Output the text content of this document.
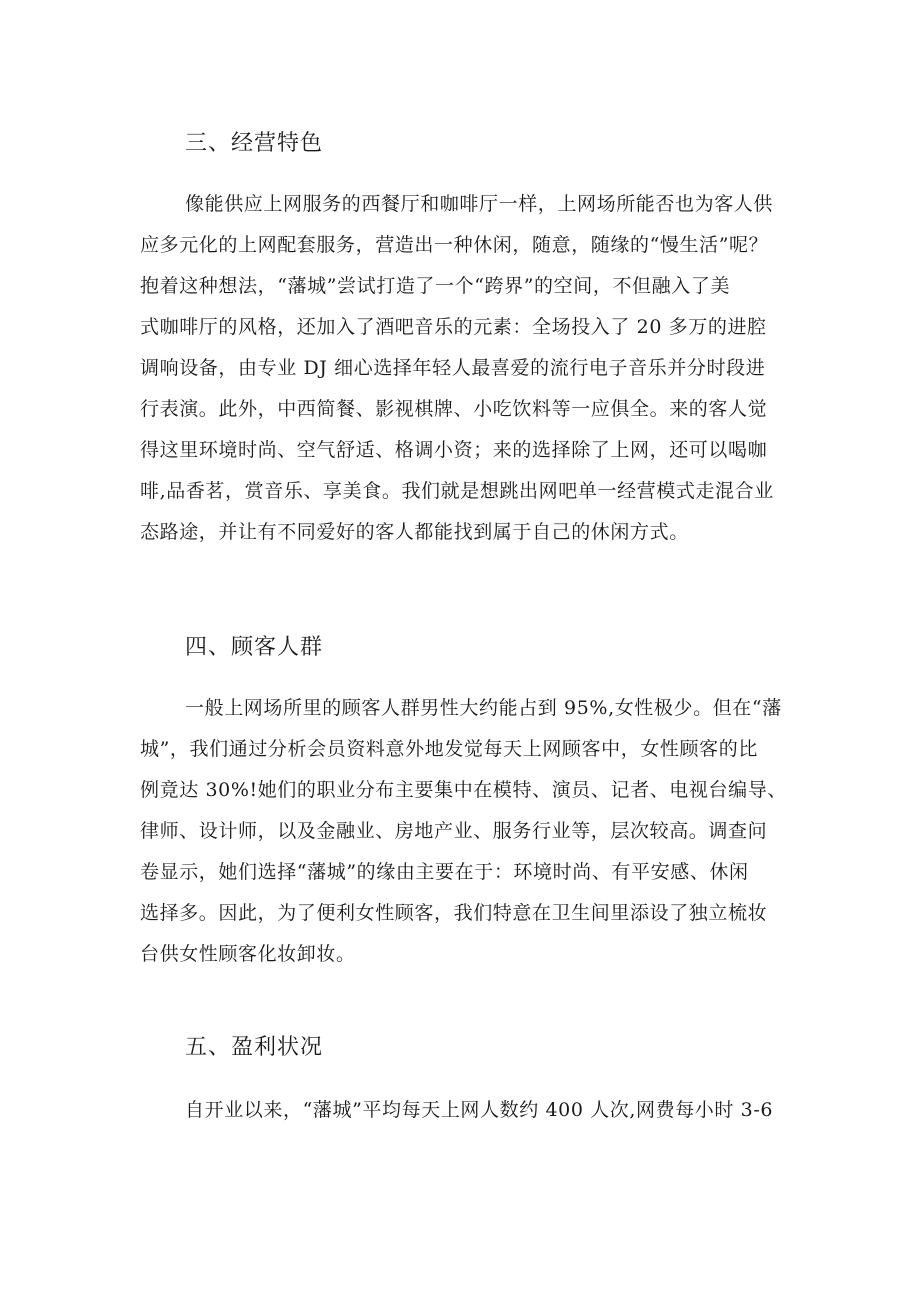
三、经营特色

像能供应上网服务的西餐厅和咖啡厅一样，上网场所能否也为客人供
应多元化的上网配套服务，营造出一种休闲，随意，随缘的“慢生活”呢？
抱着这种想法，“藩城”尝试打造了一个“跨界”的空间，不但融入了美
式咖啡厅的风格，还加入了酒吧音乐的元素：全场投入了 20 多万的进腔
调响设备，由专业 DJ 细心选择年轻人最喜爱的流行电子音乐并分时段进
行表演。此外，中西简餐、影视棋牌、小吃饮料等一应俱全。来的客人觉
得这里环境时尚、空气舒适、格调小资；来的选择除了上网，还可以喝咖
啡,品香茗，赏音乐、享美食。我们就是想跳出网吧单一经营模式走混合业
态路途，并让有不同爱好的客人都能找到属于自己的休闲方式。

四、顾客人群

一般上网场所里的顾客人群男性大约能占到 95%,女性极少。但在“藩
城”，我们通过分析会员资料意外地发觉每天上网顾客中，女性顾客的比
例竟达 30%!她们的职业分布主要集中在模特、演员、记者、电视台编导、
律师、设计师，以及金融业、房地产业、服务行业等，层次较高。调查问
卷显示，她们选择“藩城”的缘由主要在于：环境时尚、有平安感、休闲
选择多。因此，为了便利女性顾客，我们特意在卫生间里添设了独立梳妆
台供女性顾客化妆卸妆。

五、盈利状况

自开业以来，“藩城”平均每天上网人数约 400 人次,网费每小时 3-6
